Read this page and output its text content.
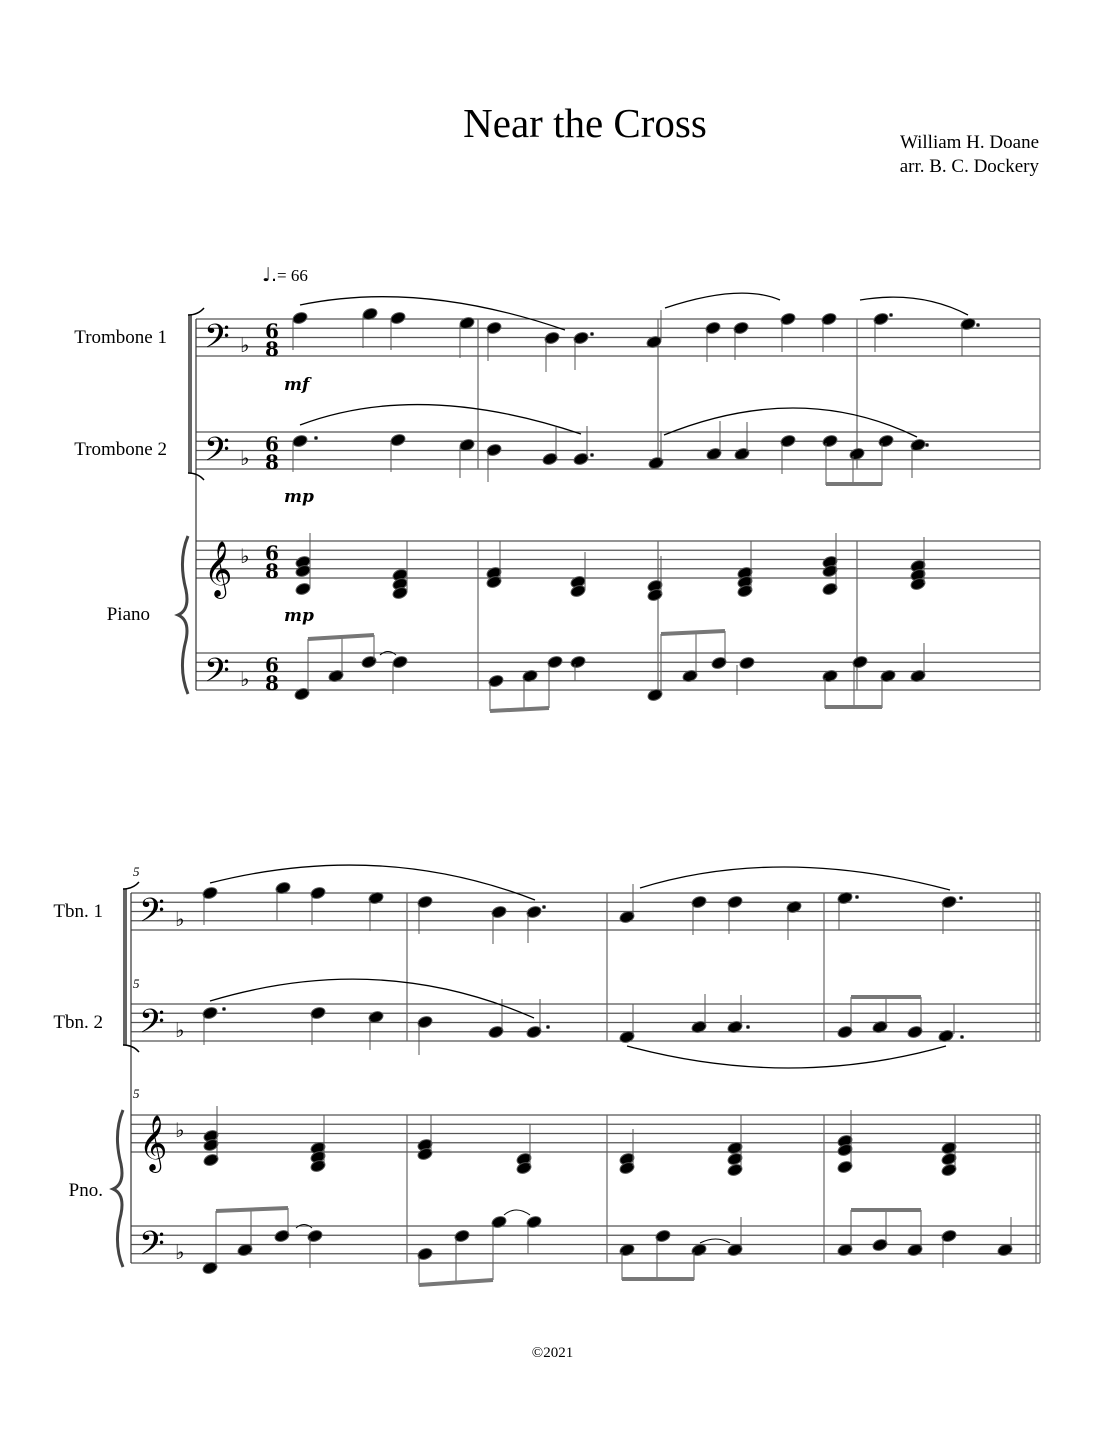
Near the Cross	William H. Doane
arr. B. C. Dockery
♩.= 66
Trombone 1
Trombone 2
Piano
Tbn. 1
Tbn. 2
Pno.
©2021
𝄢 ♭
6
8
𝄢 ♭
6
8
𝄞 ♭ 6
8
𝄢 ♭
6
8
mf
mp
mp
5
5
5
𝄢 ♭
𝄢 ♭
𝄞 ♭
𝄢 ♭
